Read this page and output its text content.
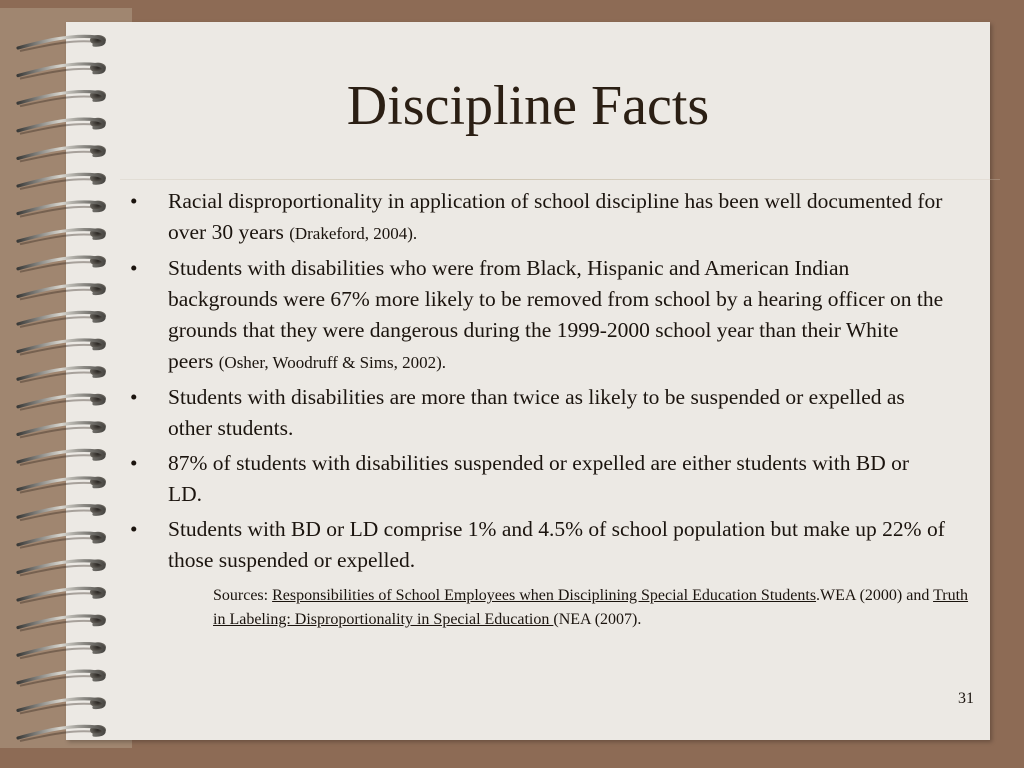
Discipline Facts
• Racial disproportionality in application of school discipline has been well documented for over 30 years (Drakeford, 2004).
• Students with disabilities who were from Black, Hispanic and American Indian backgrounds were 67% more likely to be removed from school by a hearing officer on the grounds that they were dangerous during the 1999-2000 school year than their White peers (Osher, Woodruff & Sims, 2002).
• Students with disabilities are more than twice as likely to be suspended or expelled as other students.
• 87% of students with disabilities suspended or expelled are either students with BD or LD.
• Students with BD or LD comprise 1% and 4.5% of school population but make up 22% of those suspended or expelled.
Sources: Responsibilities of School Employees when Disciplining Special Education Students.WEA (2000) and Truth in Labeling: Disproportionality in Special Education (NEA (2007).
31
